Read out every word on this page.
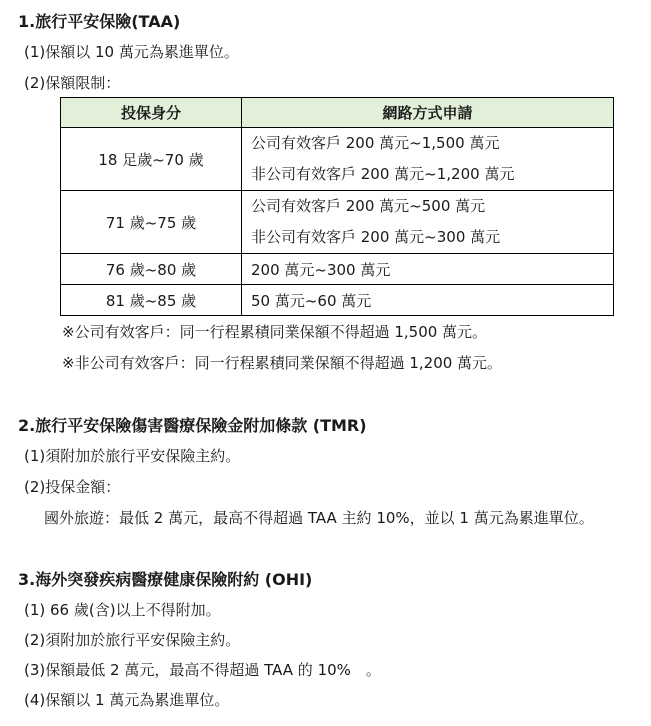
1.旅行平安保險(TAA)
(1)保額以 10 萬元為累進單位。
(2)保額限制：
投保身分	網路方式申請
18 足歲~70 歲	公司有效客戶 200 萬元~1,500 萬元
非公司有效客戶 200 萬元~1,200 萬元

71 歲~75 歲	公司有效客戶 200 萬元~500 萬元
非公司有效客戶 200 萬元~300 萬元

76 歲~80 歲	200 萬元~300 萬元
81 歲~85 歲	50 萬元~60 萬元
※公司有效客戶：同一行程累積同業保額不得超過 1,500 萬元。
※非公司有效客戶：同一行程累積同業保額不得超過 1,200 萬元。
2.旅行平安保險傷害醫療保險金附加條款 (TMR)
(1)須附加於旅行平安保險主約。
(2)投保金額：
國外旅遊：最低 2 萬元，最高不得超過 TAA 主約 10%，並以 1 萬元為累進單位。
3.海外突發疾病醫療健康保險附約 (OHI)
(1) 66 歲(含)以上不得附加。
(2)須附加於旅行平安保險主約。
(3)保額最低 2 萬元，最高不得超過 TAA 的 10%　。
(4)保額以 1 萬元為累進單位。
